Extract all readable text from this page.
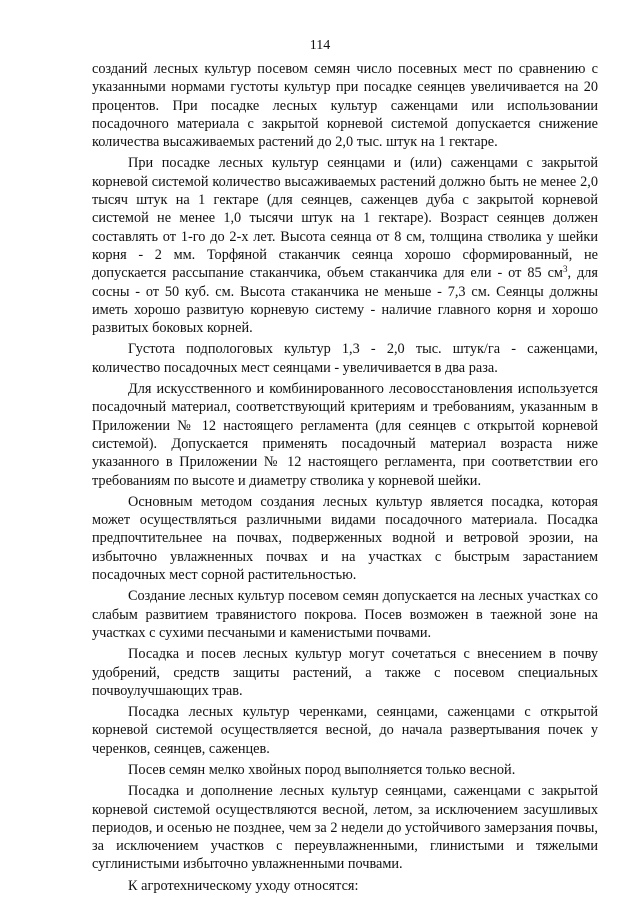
114

созданий лесных культур посевом семян число посевных мест по сравнению с указанными нормами густоты культур при посадке сеянцев увеличивается на 20 процентов. При посадке лесных культур саженцами или использовании посадочного материала с закрытой корневой системой допускается снижение количества высаживаемых растений до 2,0 тыс. штук на 1 гектаре.

При посадке лесных культур сеянцами и (или) саженцами с закрытой корневой системой количество высаживаемых растений должно быть не менее 2,0 тысяч штук на 1 гектаре (для сеянцев, саженцев дуба с закрытой корневой системой не менее 1,0 тысячи штук на 1 гектаре). Возраст сеянцев должен составлять от 1-го до 2-х лет. Высота сеянца от 8 см, толщина стволика у шейки корня - 2 мм. Торфяной стаканчик сеянца хорошо сформированный, не допускается рассыпание стаканчика, объем стаканчика для ели - от 85 $см^3$, для сосны - от 50 куб. см. Высота стаканчика не меньше - 7,3 см. Сеянцы должны иметь хорошо развитую корневую систему - наличие главного корня и хорошо развитых боковых корней.

Густота подпологовых культур 1,3 - 2,0 тыс. штук/га - саженцами, количество посадочных мест сеянцами - увеличивается в два раза.

Для искусственного и комбинированного лесовосстановления используется посадочный материал, соответствующий критериям и требованиям, указанным в Приложении № 12 настоящего регламента (для сеянцев с открытой корневой системой). Допускается применять посадочный материал возраста ниже указанного в Приложении № 12 настоящего регламента, при соответствии его требованиям по высоте и диаметру стволика у корневой шейки.

Основным методом создания лесных культур является посадка, которая может осуществляться различными видами посадочного материала. Посадка предпочтительнее на почвах, подверженных водной и ветровой эрозии, на избыточно увлажненных почвах и на участках с быстрым зарастанием посадочных мест сорной растительностью.

Создание лесных культур посевом семян допускается на лесных участках со слабым развитием травянистого покрова. Посев возможен в таежной зоне на участках с сухими песчаными и каменистыми почвами.

Посадка и посев лесных культур могут сочетаться с внесением в почву удобрений, средств защиты растений, а также с посевом специальных почвоулучшающих трав.

Посадка лесных культур черенками, сеянцами, саженцами с открытой корневой системой осуществляется весной, до начала развертывания почек у черенков, сеянцев, саженцев.

Посев семян мелко хвойных пород выполняется только весной.

Посадка и дополнение лесных культур сеянцами, саженцами с закрытой корневой системой осуществляются весной, летом, за исключением засушливых периодов, и осенью не позднее, чем за 2 недели до устойчивого замерзания почвы, за исключением участков с переувлажненными, глинистыми и тяжелыми суглинистыми избыточно увлажненными почвами.

К агротехническому уходу относятся:
